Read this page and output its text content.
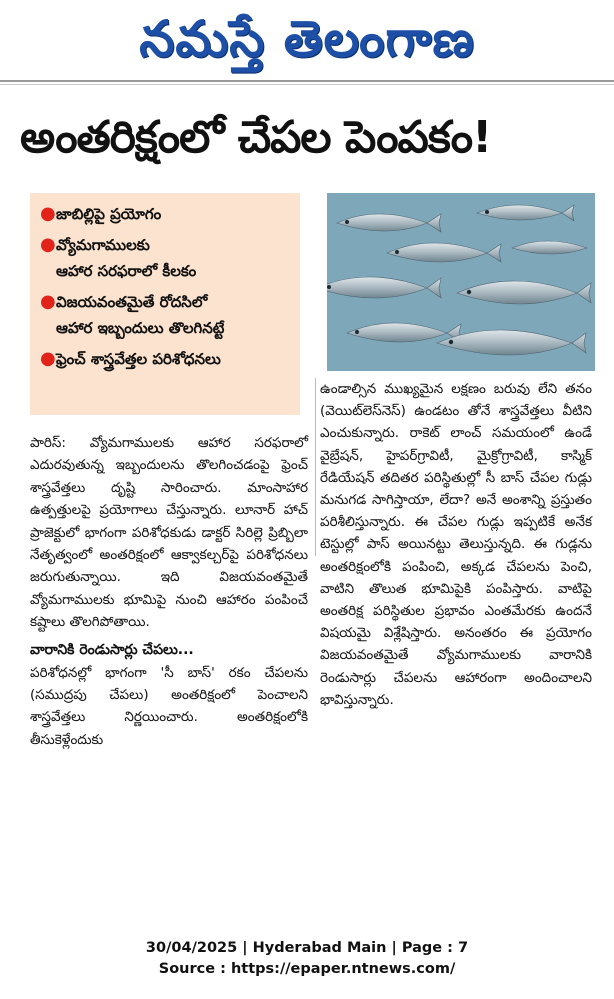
నమస్తే తెలంగాణ
అంతరిక్షంలో చేపల పెంపకం!
● జాబిల్లిపై ప్రయోగం
● వ్యోమగాములకు
ఆహార సరఫరాలో కీలకం
● విజయవంతమైతే రోదసిలో
ఆహార ఇబ్బందులు తొలగినట్టే
● ఫ్రెంచ్ శాస్త్రవేత్తల పరిశోధనలు
పారిస్: వ్యోమగాములకు ఆహార సరఫరాలో ఎదురవుతున్న ఇబ్బందులను తొలగించడంపై ఫ్రెంచ్ శాస్త్రవేత్తలు దృష్టి సారించారు. మాంసాహార ఉత్పత్తులపై ప్రయోగాలు చేస్తున్నారు. లూనార్ హాచ్ ప్రాజెక్టులో భాగంగా పరిశోధకుడు డాక్టర్ సిరిల్లె ప్రిబ్బిలా నేతృత్వంలో అంతరిక్షంలో ఆక్వాకల్చర్‌పై పరిశోధనలు జరుగుతున్నాయి. ఇది విజయవంతమైతే వ్యోమగాములకు భూమిపై నుంచి ఆహారం పంపించే కష్టాలు తొలగిపోతాయి.
వారానికి రెండుసార్లు చేపలు...
పరిశోధనల్లో భాగంగా 'సీ బాస్' రకం చేపలను (సముద్రపు చేపలు) అంతరిక్షంలో పెంచాలని శాస్త్రవేత్తలు నిర్ణయించారు. అంతరిక్షంలోకి తీసుకెళ్లేందుకు
ఉండాల్సిన ముఖ్యమైన లక్షణం బరువు లేని తనం (వెయిట్‌లెస్‌నెస్) ఉండటం తోనే శాస్త్రవేత్తలు వీటిని ఎంచుకున్నారు. రాకెట్ లాంచ్ సమయంలో ఉండే వైబ్రేషన్, హైపర్‌గ్రావిటీ, మైక్రోగ్రావిటీ, కాస్మిక్ రేడియేషన్ తదితర పరిస్థితుల్లో సీ బాస్ చేపల గుడ్లు మనుగడ సాగిస్తాయా, లేదా? అనే అంశాన్ని ప్రస్తుతం పరిశీలిస్తున్నారు. ఈ చేపల గుడ్లు ఇప్పటికే అనేక టెస్టుల్లో పాస్ అయినట్టు తెలుస్తున్నది. ఈ గుడ్లను అంతరిక్షంలోకి పంపించి, అక్కడ చేపలను పెంచి, వాటిని తొలుత భూమిపైకి పంపిస్తారు. వాటిపై అంతరిక్ష పరిస్థితుల ప్రభావం ఎంతమేరకు ఉందనే విషయమై విశ్లేషిస్తారు. అనంతరం ఈ ప్రయోగం విజయవంతమైతే వ్యోమగాములకు వారానికి రెండుసార్లు చేపలను ఆహారంగా అందించాలని భావిస్తున్నారు.
30/04/2025 | Hyderabad Main | Page : 7
Source : https://epaper.ntnews.com/
